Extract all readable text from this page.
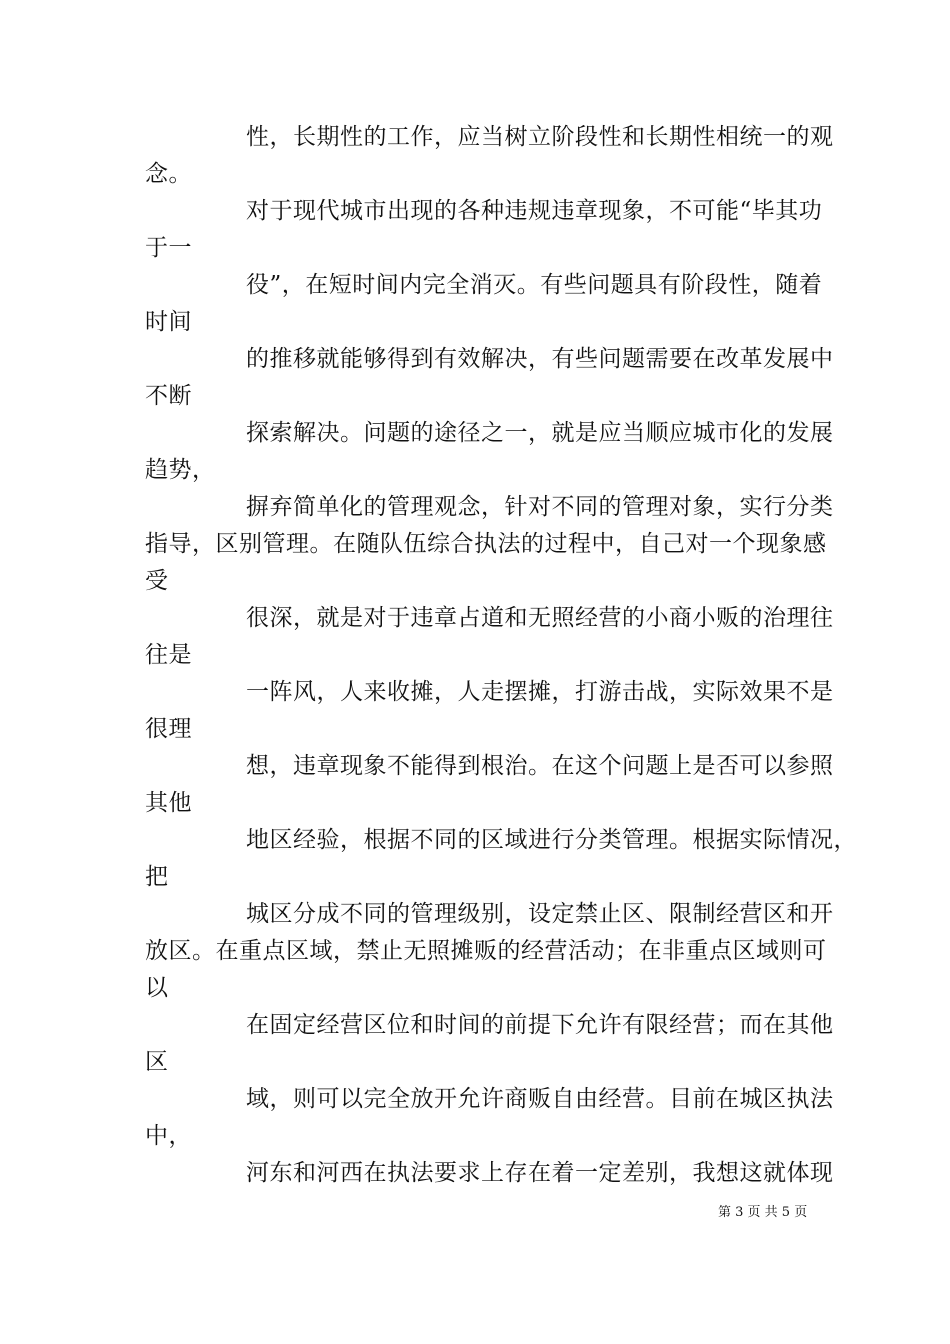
性，长期性的工作，应当树立阶段性和长期性相统一的观
念。
对于现代城市出现的各种违规违章现象，不可能“毕其功
于一
役”，在短时间内完全消灭。有些问题具有阶段性，随着
时间
的推移就能够得到有效解决，有些问题需要在改革发展中
不断
探索解决。问题的途径之一，就是应当顺应城市化的发展
趋势，
摒弃简单化的管理观念，针对不同的管理对象，实行分类
指导，区别管理。在随队伍综合执法的过程中，自己对一个现象感
受
很深，就是对于违章占道和无照经营的小商小贩的治理往
往是
一阵风，人来收摊，人走摆摊，打游击战，实际效果不是
很理
想，违章现象不能得到根治。在这个问题上是否可以参照
其他
地区经验，根据不同的区域进行分类管理。根据实际情况，
把
城区分成不同的管理级别，设定禁止区、限制经营区和开
放区。在重点区域，禁止无照摊贩的经营活动；在非重点区域则可
以
在固定经营区位和时间的前提下允许有限经营；而在其他
区
域，则可以完全放开允许商贩自由经营。目前在城区执法
中，
河东和河西在执法要求上存在着一定差别，我想这就体现
第 3 页 共 5 页
